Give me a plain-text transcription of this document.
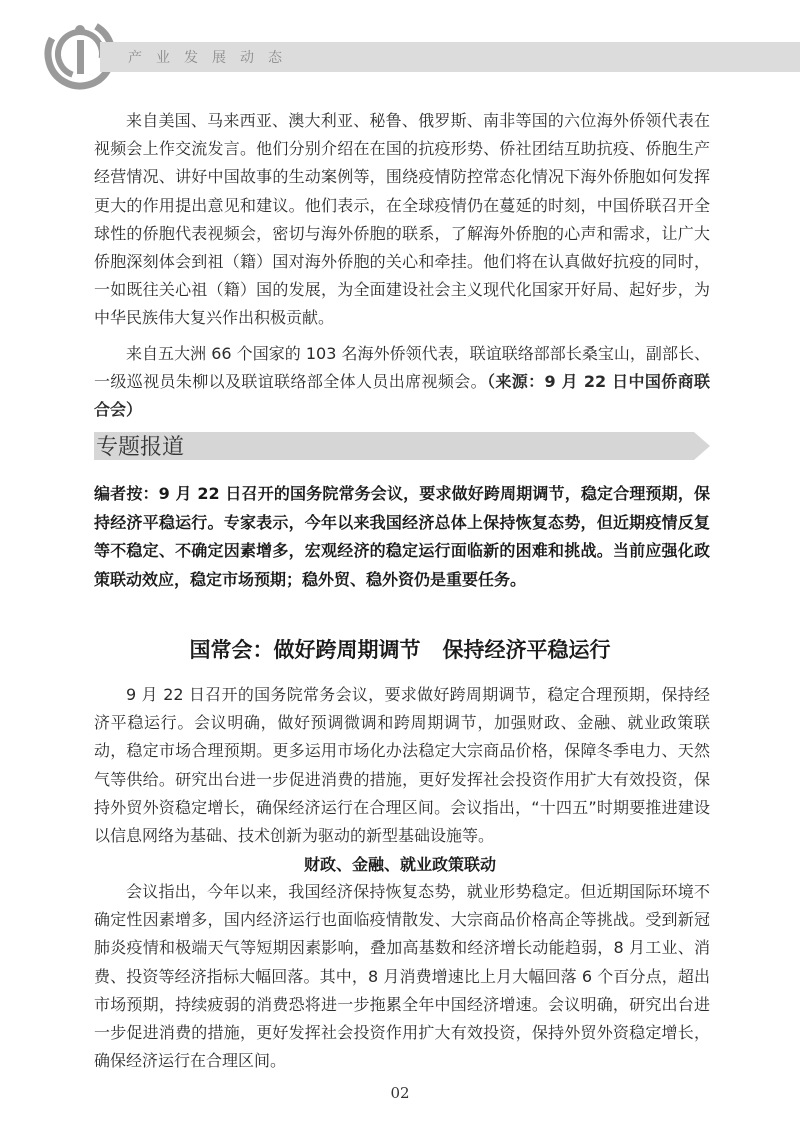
产业发展动态

来自美国、马来西亚、澳大利亚、秘鲁、俄罗斯、南非等国的六位海外侨领代表在视频会上作交流发言。他们分别介绍在在国的抗疫形势、侨社团结互助抗疫、侨胞生产经营情况、讲好中国故事的生动案例等，围绕疫情防控常态化情况下海外侨胞如何发挥更大的作用提出意见和建议。他们表示，在全球疫情仍在蔓延的时刻，中国侨联召开全球性的侨胞代表视频会，密切与海外侨胞的联系，了解海外侨胞的心声和需求，让广大侨胞深刻体会到祖（籍）国对海外侨胞的关心和牵挂。他们将在认真做好抗疫的同时，一如既往关心祖（籍）国的发展，为全面建设社会主义现代化国家开好局、起好步，为中华民族伟大复兴作出积极贡献。

来自五大洲 66 个国家的 103 名海外侨领代表，联谊联络部部长桑宝山，副部长、一级巡视员朱柳以及联谊联络部全体人员出席视频会。（来源：9 月 22 日中国侨商联合会）

专题报道

编者按：9 月 22 日召开的国务院常务会议，要求做好跨周期调节，稳定合理预期，保持经济平稳运行。专家表示，今年以来我国经济总体上保持恢复态势，但近期疫情反复等不稳定、不确定因素增多，宏观经济的稳定运行面临新的困难和挑战。当前应强化政策联动效应，稳定市场预期；稳外贸、稳外资仍是重要任务。

国常会：做好跨周期调节   保持经济平稳运行

9 月 22 日召开的国务院常务会议，要求做好跨周期调节，稳定合理预期，保持经济平稳运行。会议明确，做好预调微调和跨周期调节，加强财政、金融、就业政策联动，稳定市场合理预期。更多运用市场化办法稳定大宗商品价格，保障冬季电力、天然气等供给。研究出台进一步促进消费的措施，更好发挥社会投资作用扩大有效投资，保持外贸外资稳定增长，确保经济运行在合理区间。会议指出，“十四五”时期要推进建设以信息网络为基础、技术创新为驱动的新型基础设施等。

财政、金融、就业政策联动

会议指出，今年以来，我国经济保持恢复态势，就业形势稳定。但近期国际环境不确定性因素增多，国内经济运行也面临疫情散发、大宗商品价格高企等挑战。受到新冠肺炎疫情和极端天气等短期因素影响，叠加高基数和经济增长动能趋弱，8 月工业、消费、投资等经济指标大幅回落。其中，8 月消费增速比上月大幅回落 6 个百分点，超出市场预期，持续疲弱的消费恐将进一步拖累全年中国经济增速。会议明确，研究出台进一步促进消费的措施，更好发挥社会投资作用扩大有效投资，保持外贸外资稳定增长，确保经济运行在合理区间。

02
